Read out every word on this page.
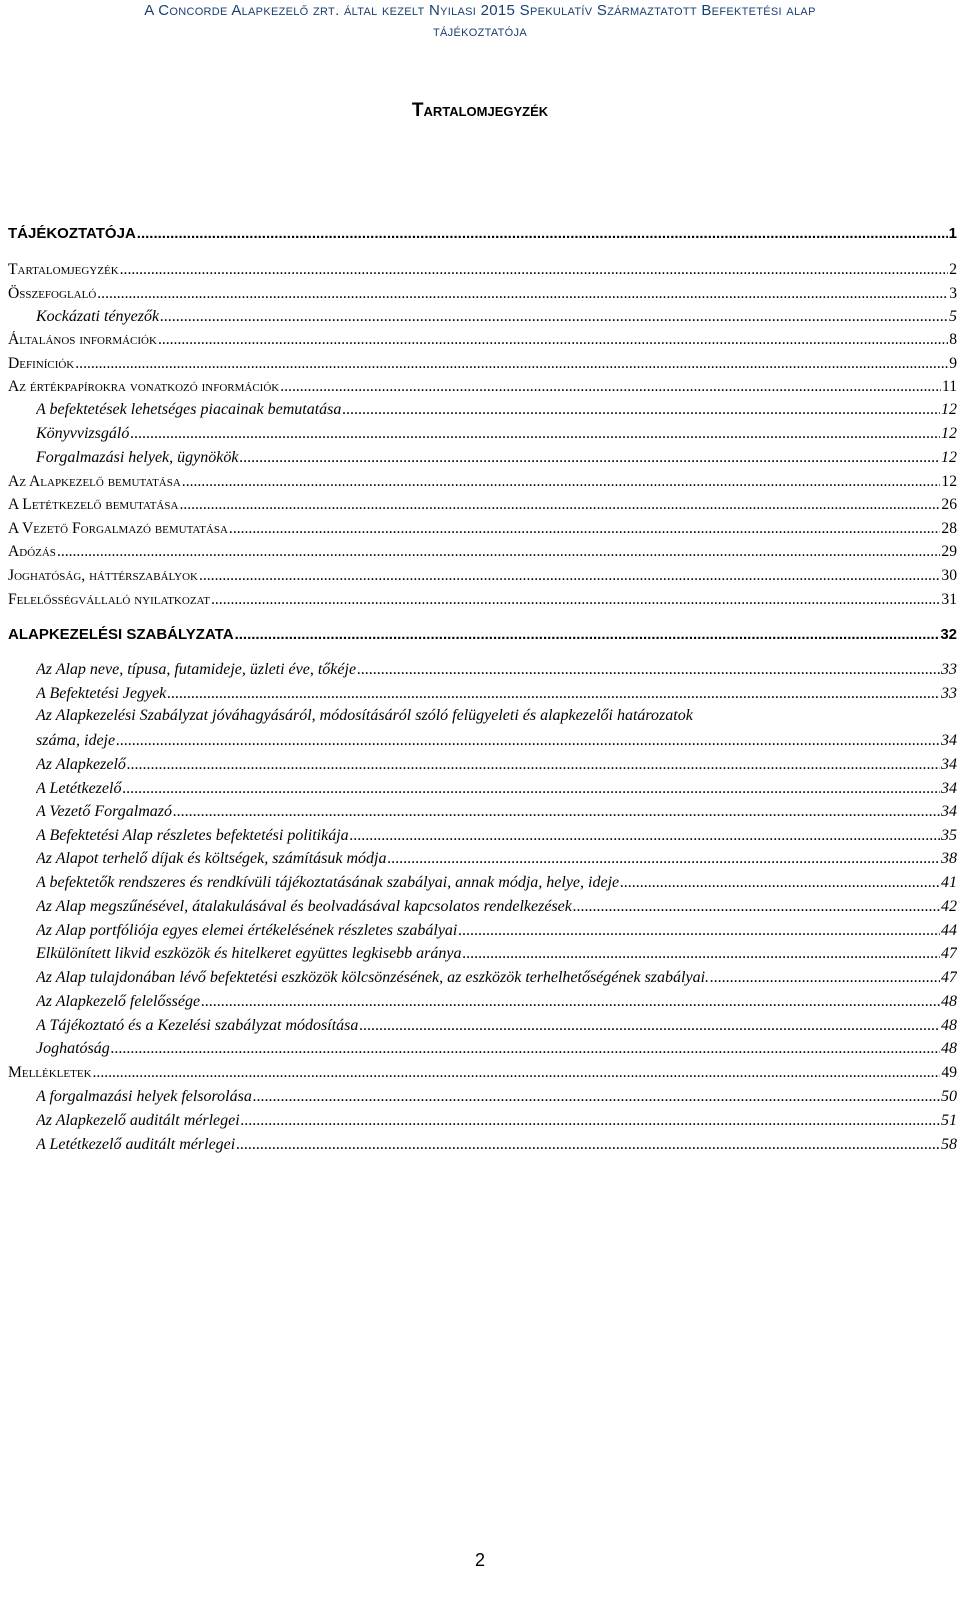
A Concorde Alapkezelő zrt. által kezelt Nyilasi 2015 Spekulatív Származtatott Befektetési alap
tájékoztatója
Tartalomjegyzék
TÁJÉKOZTATÓJA .....	1
Tartalomjegyzék .....	2
Összefoglaló .....	3
Kockázati tényezők .....	5
Általános információk .....	8
Definíciók .....	9
Az értékpapírokra vonatkozó információk .....	11
A befektetések lehetséges piacainak bemutatása .....	12
Könyvvizsgáló .....	12
Forgalmazási helyek, ügynökök .....	12
Az Alapkezelő bemutatása .....	12
A Letétkezelő bemutatása .....	26
A Vezető Forgalmazó bemutatása .....	28
Adózás .....	29
Joghatóság, háttérszabályok .....	30
Felelősségvállaló nyilatkozat .....	31
ALAPKEZELÉSI SZABÁLYZATA .....	32
Az Alap neve, típusa, futamideje, üzleti éve, tőkéje .....	33
A Befektetési Jegyek .....	33
Az Alapkezelési Szabályzat jóváhagyásáról, módosításáról szóló felügyeleti és alapkezelői határozatok
száma, ideje .....	34
Az Alapkezelő .....	34
A Letétkezelő .....	34
A Vezető Forgalmazó .....	34
A Befektetési Alap részletes befektetési politikája .....	35
Az Alapot terhelő díjak és költségek, számításuk módja .....	38
A befektetők rendszeres és rendkívüli tájékoztatásának szabályai, annak módja, helye, ideje .....	41
Az Alap megszűnésével, átalakulásával és beolvadásával kapcsolatos rendelkezések .....	42
Az Alap portfóliója egyes elemei értékelésének részletes szabályai .....	44
Elkülönített likvid eszközök és hitelkeret együttes legkisebb aránya .....	47
Az Alap tulajdonában lévő befektetési eszközök kölcsönzésének, az eszközök terhelhetőségének szabályai. .....	47
Az Alapkezelő felelőssége .....	48
A Tájékoztató és a Kezelési szabályzat módosítása .....	48
Joghatóság .....	48
Mellékletek .....	49
A forgalmazási helyek felsorolása .....	50
Az Alapkezelő auditált mérlegei .....	51
A Letétkezelő auditált mérlegei .....	58
2
